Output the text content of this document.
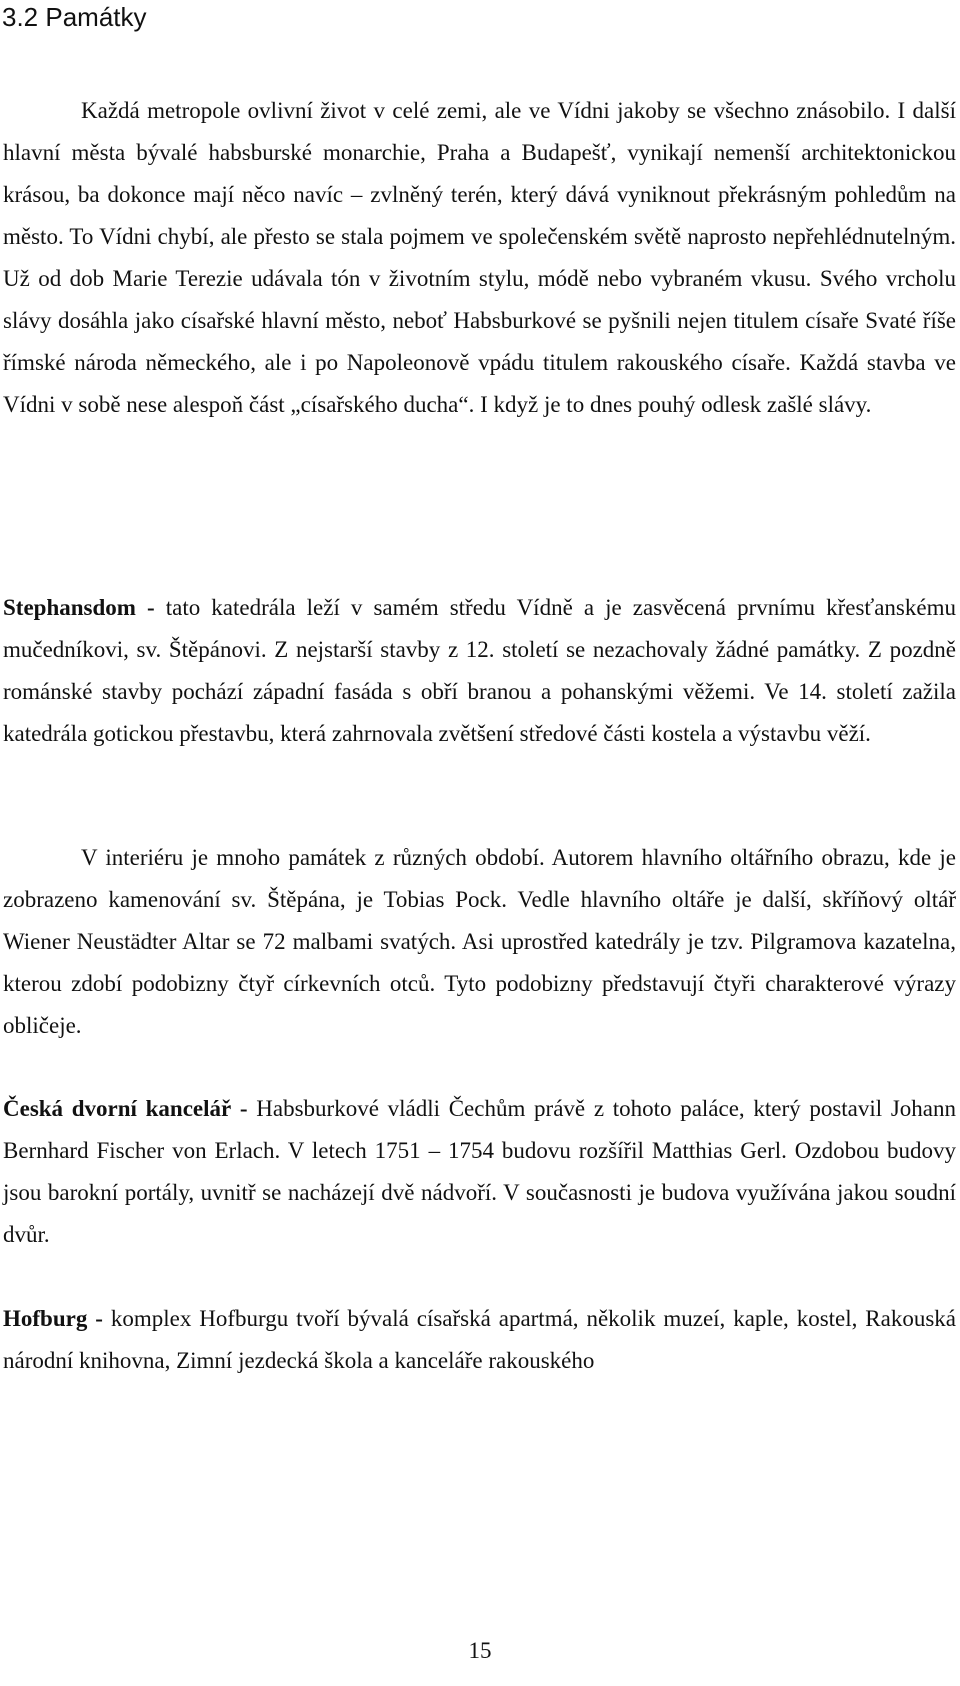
3.2 Památky

Každá metropole ovlivní život v celé zemi, ale ve Vídni jakoby se všechno znásobilo. I další hlavní města bývalé habsburské monarchie, Praha a Budapešť, vynikají nemenší architektonickou krásou, ba dokonce mají něco navíc – zvlněný terén, který dává vyniknout překrásným pohledům na město. To Vídni chybí, ale přesto se stala pojmem ve společenském světě naprosto nepřehlédnutelným. Už od dob Marie Terezie udávala tón v životním stylu, módě nebo vybraném vkusu. Svého vrcholu slávy dosáhla jako císařské hlavní město, neboť Habsburkové se pyšnili nejen titulem císaře Svaté říše římské národa německého, ale i po Napoleonově vpádu titulem rakouského císaře. Každá stavba ve Vídni v sobě nese alespoň část „císařského ducha“. I když je to dnes pouhý odlesk zašlé slávy.

Stephansdom - tato katedrála leží v samém středu Vídně a je zasvěcená prvnímu křesťanskému mučedníkovi, sv. Štěpánovi. Z nejstarší stavby z 12. století se nezachovaly žádné památky. Z pozdně románské stavby pochází západní fasáda s obří branou a pohanskými věžemi. Ve 14. století zažila katedrála gotickou přestavbu, která zahrnovala zvětšení středové části kostela a výstavbu věží.

V interiéru je mnoho památek z různých období. Autorem hlavního oltářního obrazu, kde je zobrazeno kamenování sv. Štěpána, je Tobias Pock. Vedle hlavního oltáře je další, skříňový oltář Wiener Neustädter Altar se 72 malbami svatých. Asi uprostřed katedrály je tzv. Pilgramova kazatelna, kterou zdobí podobizny čtyř církevních otců. Tyto podobizny představují čtyři charakterové výrazy obličeje.

Česká dvorní kancelář - Habsburkové vládli Čechům právě z tohoto paláce, který postavil Johann Bernhard Fischer von Erlach. V letech 1751 – 1754 budovu rozšířil Matthias Gerl. Ozdobou budovy jsou barokní portály, uvnitř se nacházejí dvě nádvoří. V současnosti je budova využívána jakou soudní dvůr.

Hofburg - komplex Hofburgu tvoří bývalá císařská apartmá, několik muzeí, kaple, kostel, Rakouská národní knihovna, Zimní jezdecká škola a kanceláře rakouského

15
